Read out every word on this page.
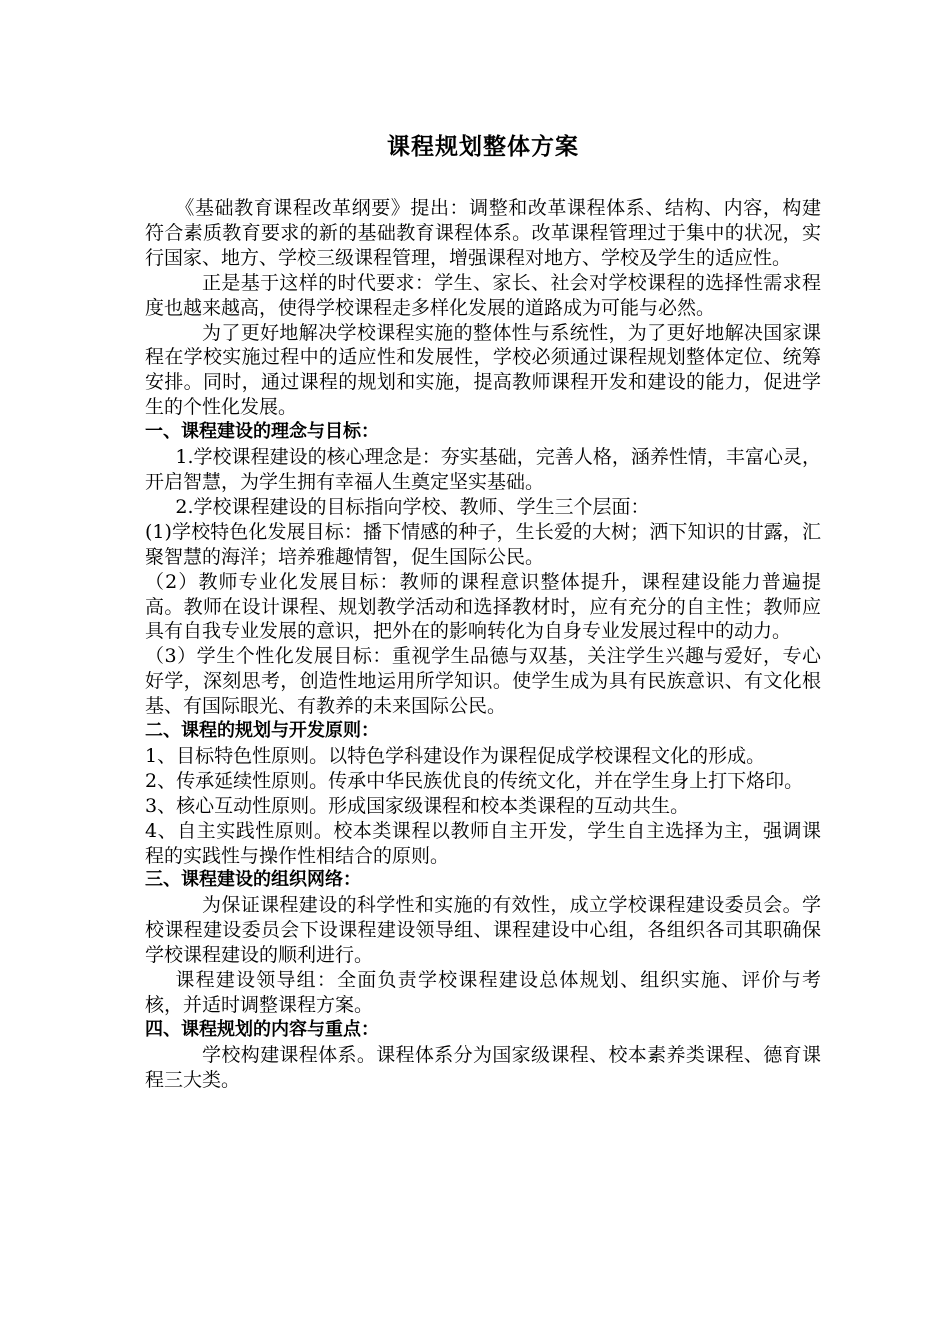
课程规划整体方案

《基础教育课程改革纲要》提出：调整和改革课程体系、结构、内容，构建符合素质教育要求的新的基础教育课程体系。改革课程管理过于集中的状况，实行国家、地方、学校三级课程管理，增强课程对地方、学校及学生的适应性。

正是基于这样的时代要求：学生、家长、社会对学校课程的选择性需求程度也越来越高，使得学校课程走多样化发展的道路成为可能与必然。

为了更好地解决学校课程实施的整体性与系统性，为了更好地解决国家课程在学校实施过程中的适应性和发展性，学校必须通过课程规划整体定位、统筹安排。同时，通过课程的规划和实施，提高教师课程开发和建设的能力，促进学生的个性化发展。

一、课程建设的理念与目标：

1.学校课程建设的核心理念是：夯实基础，完善人格，涵养性情，丰富心灵，开启智慧，为学生拥有幸福人生奠定坚实基础。

2.学校课程建设的目标指向学校、教师、学生三个层面：

(1)学校特色化发展目标：播下情感的种子，生长爱的大树；洒下知识的甘露，汇聚智慧的海洋；培养雅趣情智，促生国际公民。

（2）教师专业化发展目标：教师的课程意识整体提升，课程建设能力普遍提高。教师在设计课程、规划教学活动和选择教材时，应有充分的自主性；教师应具有自我专业发展的意识，把外在的影响转化为自身专业发展过程中的动力。

（3）学生个性化发展目标：重视学生品德与双基，关注学生兴趣与爱好，专心好学，深刻思考，创造性地运用所学知识。使学生成为具有民族意识、有文化根基、有国际眼光、有教养的未来国际公民。

二、课程的规划与开发原则：

1、目标特色性原则。以特色学科建设作为课程促成学校课程文化的形成。

2、传承延续性原则。传承中华民族优良的传统文化，并在学生身上打下烙印。

3、核心互动性原则。形成国家级课程和校本类课程的互动共生。

4、自主实践性原则。校本类课程以教师自主开发，学生自主选择为主，强调课程的实践性与操作性相结合的原则。

三、课程建设的组织网络：

为保证课程建设的科学性和实施的有效性，成立学校课程建设委员会。学校课程建设委员会下设课程建设领导组、课程建设中心组，各组织各司其职确保学校课程建设的顺利进行。

课程建设领导组：全面负责学校课程建设总体规划、组织实施、评价与考核，并适时调整课程方案。

四、课程规划的内容与重点：

学校构建课程体系。课程体系分为国家级课程、校本素养类课程、德育课程三大类。
